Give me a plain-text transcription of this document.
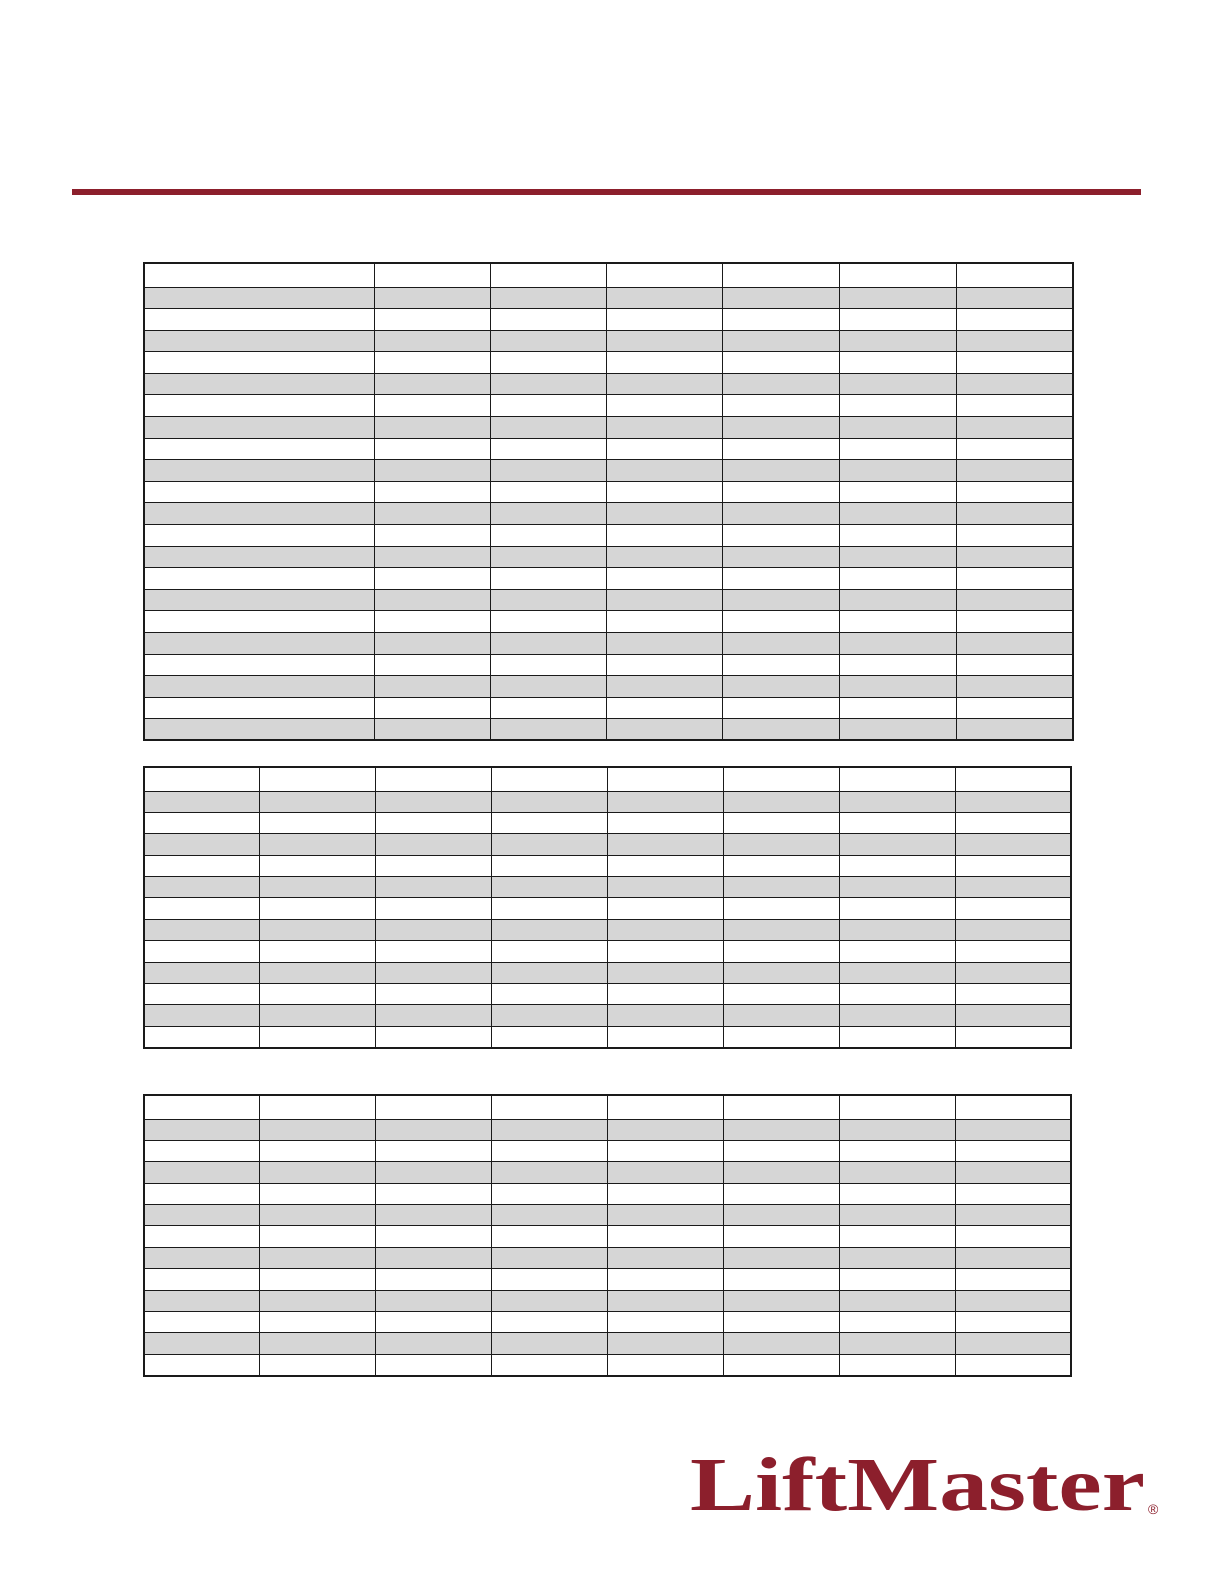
LiftMaster ®
